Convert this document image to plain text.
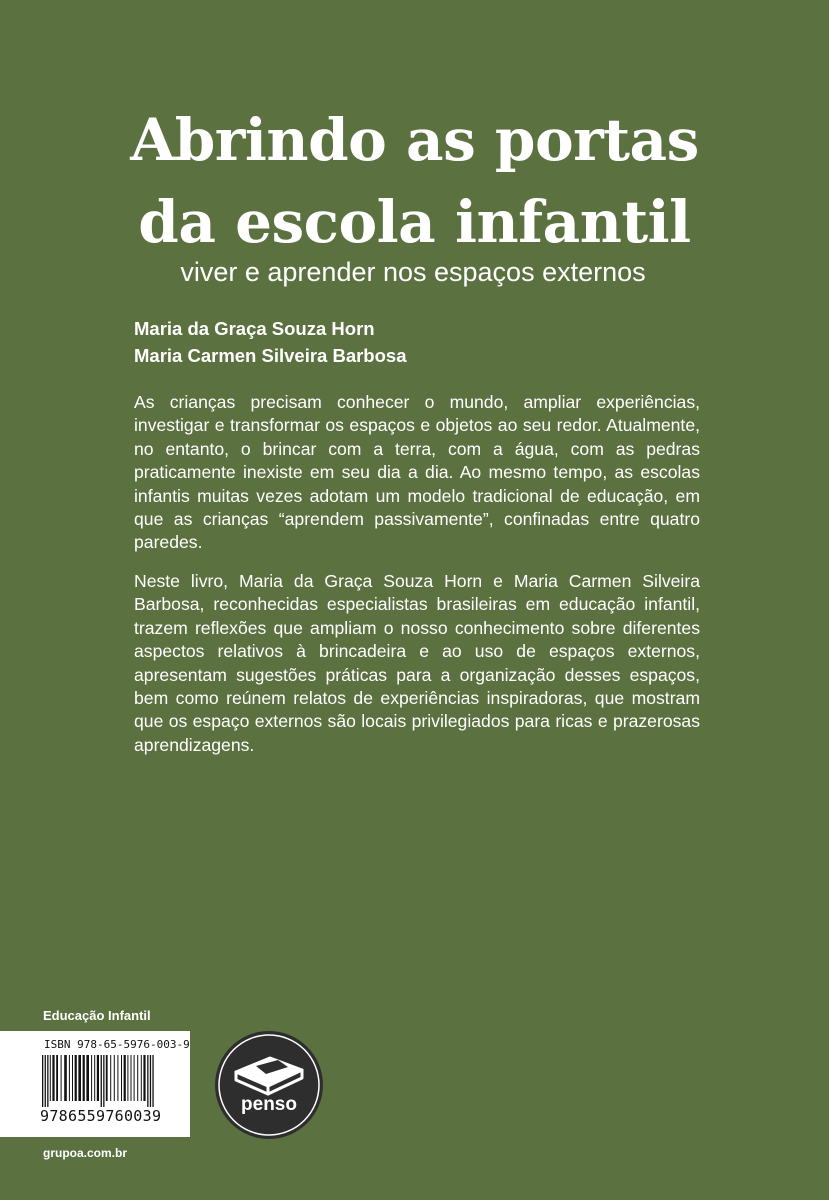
Abrindo as portas
da escola infantil
viver e aprender nos espaços externos
Maria da Graça Souza Horn
Maria Carmen Silveira Barbosa

As crianças precisam conhecer o mundo, ampliar experiências, investigar e transformar os espaços e objetos ao seu redor. Atualmente, no entanto, o brincar com a terra, com a água, com as pedras praticamente inexiste em seu dia a dia. Ao mesmo tempo, as escolas infantis muitas vezes adotam um modelo tradicional de educação, em que as crianças “aprendem passivamente”, confinadas entre quatro paredes.

Neste livro, Maria da Graça Souza Horn e Maria Carmen Silveira Barbosa, reconhecidas especialistas brasileiras em educação infantil, trazem reflexões que ampliam o nosso conhecimento sobre diferentes aspectos relativos à brincadeira e ao uso de espaços externos, apresentam sugestões práticas para a organização desses espaços, bem como reúnem relatos de experiências inspiradoras, que mostram que os espaço externos são locais privilegiados para ricas e prazerosas aprendizagens.

Educação Infantil
ISBN 978-65-5976-003-9
9786559760039
grupoa.com.br
penso
